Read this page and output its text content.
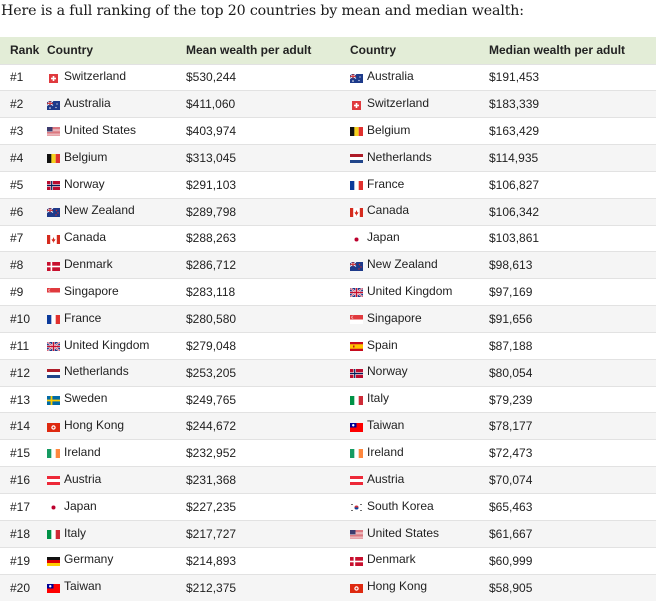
Here is a full ranking of the top 20 countries by mean and median wealth:
Rank	Country	Mean wealth per adult	Country	Median wealth per adult
#1	Switzerland	$530,244	Australia	$191,453
#2	Australia	$411,060	Switzerland	$183,339
#3	United States	$403,974	Belgium	$163,429
#4	Belgium	$313,045	Netherlands	$114,935
#5	Norway	$291,103	France	$106,827
#6	New Zealand	$289,798	Canada	$106,342
#7	Canada	$288,263	Japan	$103,861
#8	Denmark	$286,712	New Zealand	$98,613
#9	Singapore	$283,118	United Kingdom	$97,169
#10	France	$280,580	Singapore	$91,656
#11	United Kingdom	$279,048	Spain	$87,188
#12	Netherlands	$253,205	Norway	$80,054
#13	Sweden	$249,765	Italy	$79,239
#14	Hong Kong	$244,672	Taiwan	$78,177
#15	Ireland	$232,952	Ireland	$72,473
#16	Austria	$231,368	Austria	$70,074
#17	Japan	$227,235	South Korea	$65,463
#18	Italy	$217,727	United States	$61,667
#19	Germany	$214,893	Denmark	$60,999
#20	Taiwan	$212,375	Hong Kong	$58,905
